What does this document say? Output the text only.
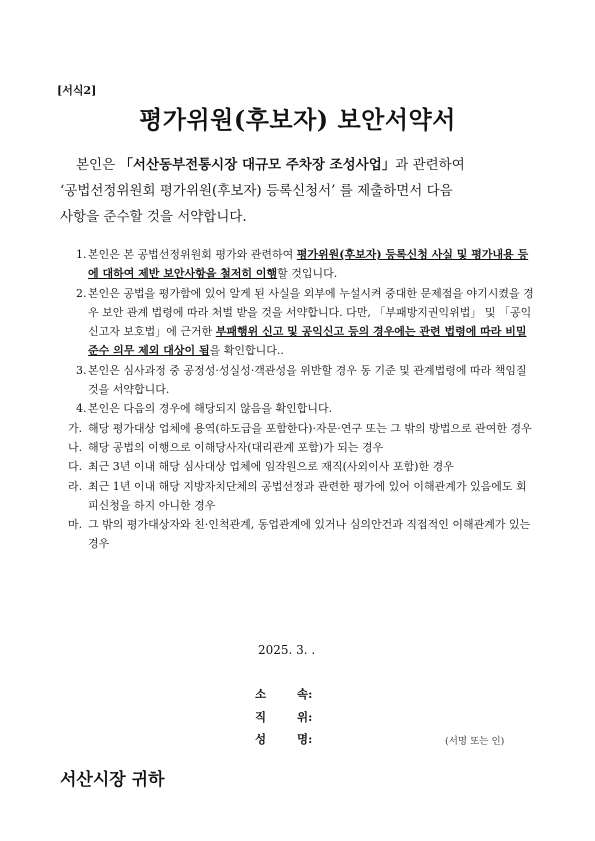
[서식2]
평가위원(후보자) 보안서약서
본인은 「서산동부전통시장 대규모 주차장 조성사업」과 관련하여
‘공법선정위원회 평가위원(후보자) 등록신청서’ 를 제출하면서 다음
사항을 준수할 것을 서약합니다.
1. 본인은 본 공법선정위원회 평가와 관련하여 평가위원(후보자) 등록신청 사실 및 평가내용 등에 대하여 제반 보안사항을 철저히 이행할 것입니다.
2. 본인은 공법을 평가함에 있어 알게 된 사실을 외부에 누설시켜 중대한 문제점을 야기시켰을 경우 보안 관계 법령에 따라 처벌 받을 것을 서약합니다. 다만, 「부패방지권익위법」 및 「공익신고자 보호법」에 근거한 부패행위 신고 및 공익신고 등의 경우에는 관련 법령에 따라 비밀준수 의무 제외 대상이 됨을 확인합니다..
3. 본인은 심사과정 중 공정성·성실성·객관성을 위반할 경우 동 기준 및 관계법령에 따라 책임질 것을 서약합니다.
4. 본인은 다음의 경우에 해당되지 않음을 확인합니다.
가. 해당 평가대상 업체에 용역(하도급을 포함한다)·자문·연구 또는 그 밖의 방법으로 관여한 경우
나. 해당 공법의 이행으로 이해당사자(대리관계 포함)가 되는 경우
다. 최근 3년 이내 해당 심사대상 업체에 임작원으로 재직(사외이사 포함)한 경우
라. 최근 1년 이내 해당 지방자치단체의 공법선정과 관련한 평가에 있어 이해관계가 있음에도 회피신청을 하지 아니한 경우
마. 그 밖의 평가대상자와 친·인척관계, 동업관계에 있거나 심의안건과 직접적인 이해관계가 있는 경우
2025. 3. .
소	속:
직	위:
성	명:	(서명 또는 인)
서산시장 귀하
